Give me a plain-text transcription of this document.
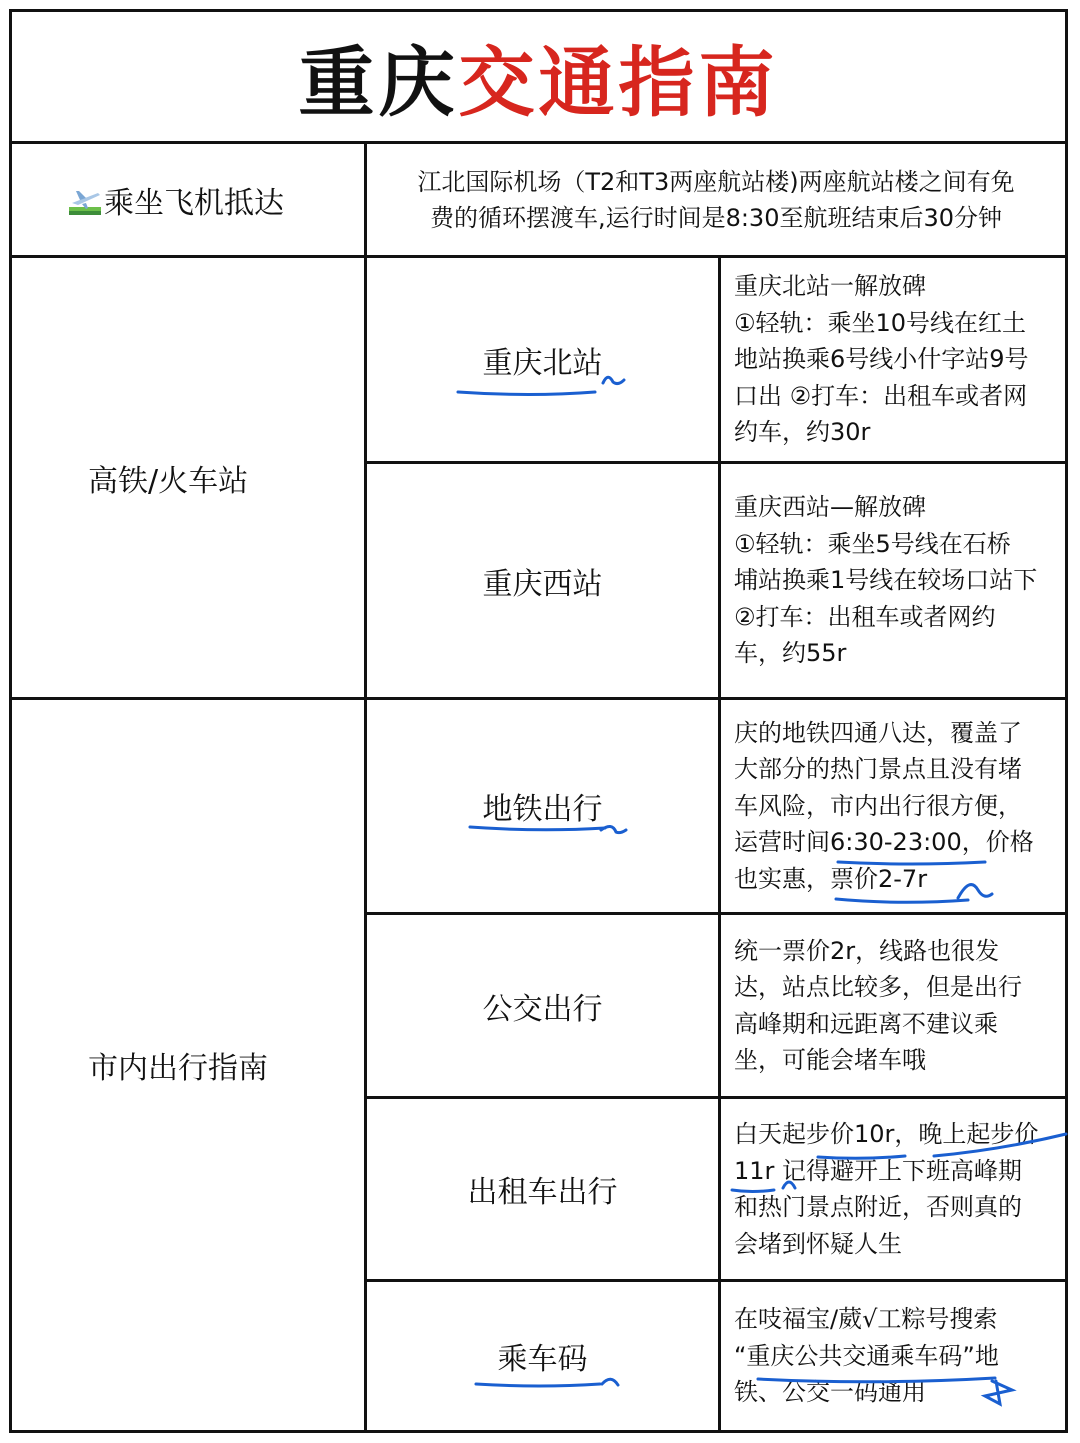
重庆 交通指南
乘坐飞机抵达
江北国际机场（T2和T3两座航站楼)两座航站楼之间有免
费的循环摆渡车,运行时间是8:30至航班结束后30分钟
高铁/火车站
重庆北站
重庆北站一解放碑
①轻轨：乘坐10号线在红土
地站换乘6号线小什字站9号
口出 ②打车：出租车或者网
约车，约30r
重庆西站
重庆西站—解放碑
①轻轨：乘坐5号线在石桥
埔站换乘1号线在较场口站下
②打车：出租车或者网约
车，约55r
市内出行指南
地铁出行
庆的地铁四通八达，覆盖了
大部分的热门景点且没有堵
车风险，市内出行很方便，
运营时间6:30-23:00，价格
也实惠，票价2-7r
公交出行
统一票价2r，线路也很发
达，站点比较多，但是出行
高峰期和远距离不建议乘
坐，可能会堵车哦
出租车出行
白天起步价10r，晚上起步价
11r 记得避开上下班高峰期
和热门景点附近，否则真的
会堵到怀疑人生
乘车码
在吱福宝/葳√工粽号搜索
“重庆公共交通乘车码”地
铁、公交一码通用
